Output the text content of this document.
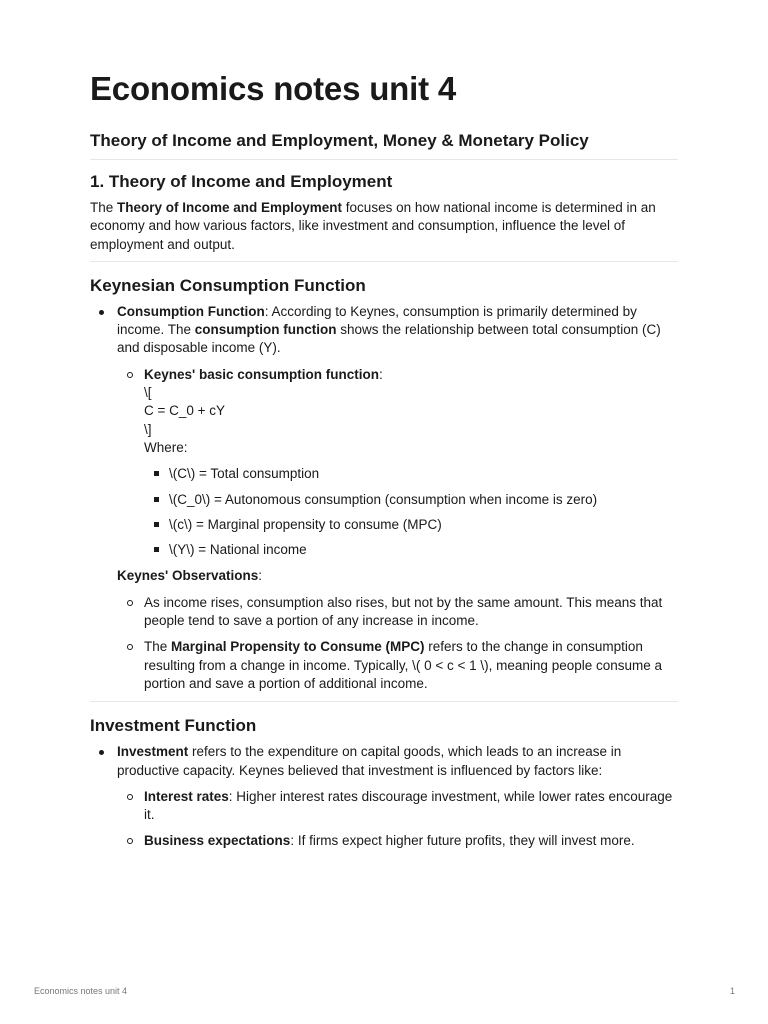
Economics notes unit 4
Theory of Income and Employment, Money & Monetary Policy
1. Theory of Income and Employment

The Theory of Income and Employment focuses on how national income is determined in an economy and how various factors, like investment and consumption, influence the level of employment and output.

Keynesian Consumption Function

Consumption Function: According to Keynes, consumption is primarily determined by income. The consumption function shows the relationship between total consumption (C) and disposable income (Y).

Keynes' basic consumption function:
\[
C = C_0 + cY
\]
Where:
\(C\) = Total consumption
\(C_0\) = Autonomous consumption (consumption when income is zero)
\(c\) = Marginal propensity to consume (MPC)
\(Y\) = National income

Keynes' Observations:

As income rises, consumption also rises, but not by the same amount. This means that people tend to save a portion of any increase in income.
The Marginal Propensity to Consume (MPC) refers to the change in consumption resulting from a change in income. Typically, \( 0 < c < 1 \), meaning people consume a portion and save a portion of additional income.
Investment Function

Investment refers to the expenditure on capital goods, which leads to an increase in productive capacity. Keynes believed that investment is influenced by factors like:

Interest rates: Higher interest rates discourage investment, while lower rates encourage it.
Business expectations: If firms expect higher future profits, they will invest more.
Economics notes unit 4	1
